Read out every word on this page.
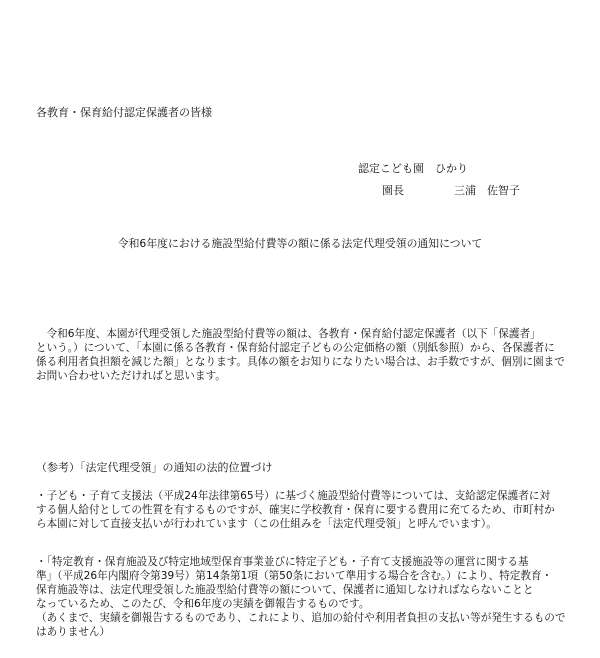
各教育・保育給付認定保護者の皆様

認定こども園　ひかり

園長	三浦　佐智子

令和6年度における施設型給付費等の額に係る法定代理受領の通知について

　令和6年度、本園が代理受領した施設型給付費等の額は、各教育・保育給付認定保護者（以下「保護者」
という。）について、「本園に係る各教育・保育給付認定子どもの公定価格の額（別紙参照）から、各保護者に
係る利用者負担額を減じた額」となります。具体の額をお知りになりたい場合は、お手数ですが、個別に園まで
お問い合わせいただければと思います。

（参考）「法定代理受領」の通知の法的位置づけ

・子ども・子育て支援法（平成24年法律第65号）に基づく施設型給付費等については、支給認定保護者に対
する個人給付としての性質を有するものですが、確実に学校教育・保育に要する費用に充てるため、市町村か
ら本園に対して直接支払いが行われています（この仕組みを「法定代理受領」と呼んでいます）。
・「特定教育・保育施設及び特定地域型保育事業並びに特定子ども・子育て支援施設等の運営に関する基
準」（平成26年内閣府令第39号）第14条第1項（第50条において準用する場合を含む。）により、特定教育・
保育施設等は、法定代理受領した施設型給付費等の額について、保護者に通知しなければならないことと
なっているため、このたび、令和6年度の実績を御報告するものです。
（あくまで、実績を御報告するものであり、これにより、追加の給付や利用者負担の支払い等が発生するもので
はありません）
